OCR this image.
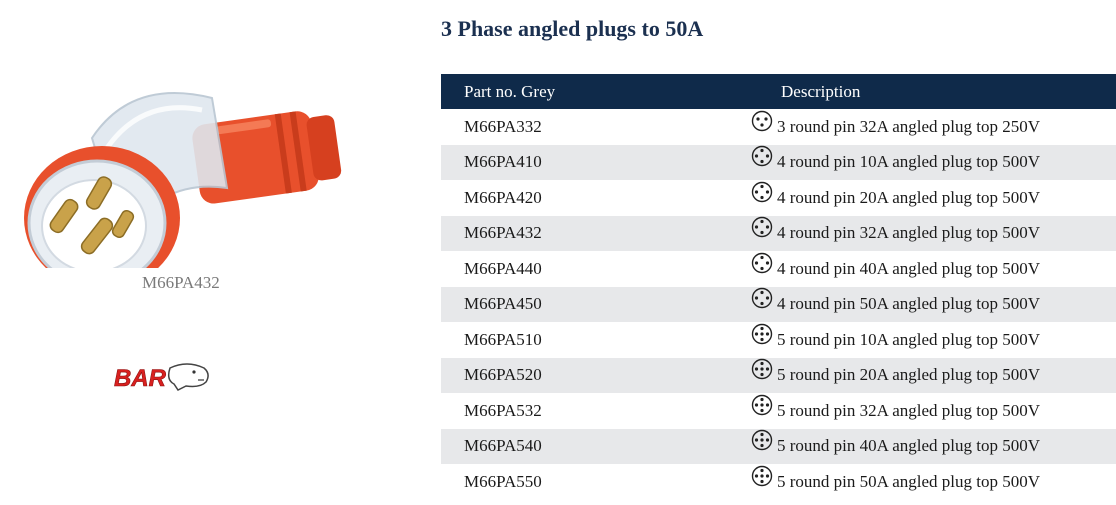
M66PA432
BAR
3 Phase angled plugs to 50A
Part no. Grey	Description
M66PA332	3 round pin 32A angled plug top 250V
M66PA410	4 round pin 10A angled plug top 500V
M66PA420	4 round pin 20A angled plug top 500V
M66PA432	4 round pin 32A angled plug top 500V
M66PA440	4 round pin 40A angled plug top 500V
M66PA450	4 round pin 50A angled plug top 500V
M66PA510	5 round pin 10A angled plug top 500V
M66PA520	5 round pin 20A angled plug top 500V
M66PA532	5 round pin 32A angled plug top 500V
M66PA540	5 round pin 40A angled plug top 500V
M66PA550	5 round pin 50A angled plug top 500V
